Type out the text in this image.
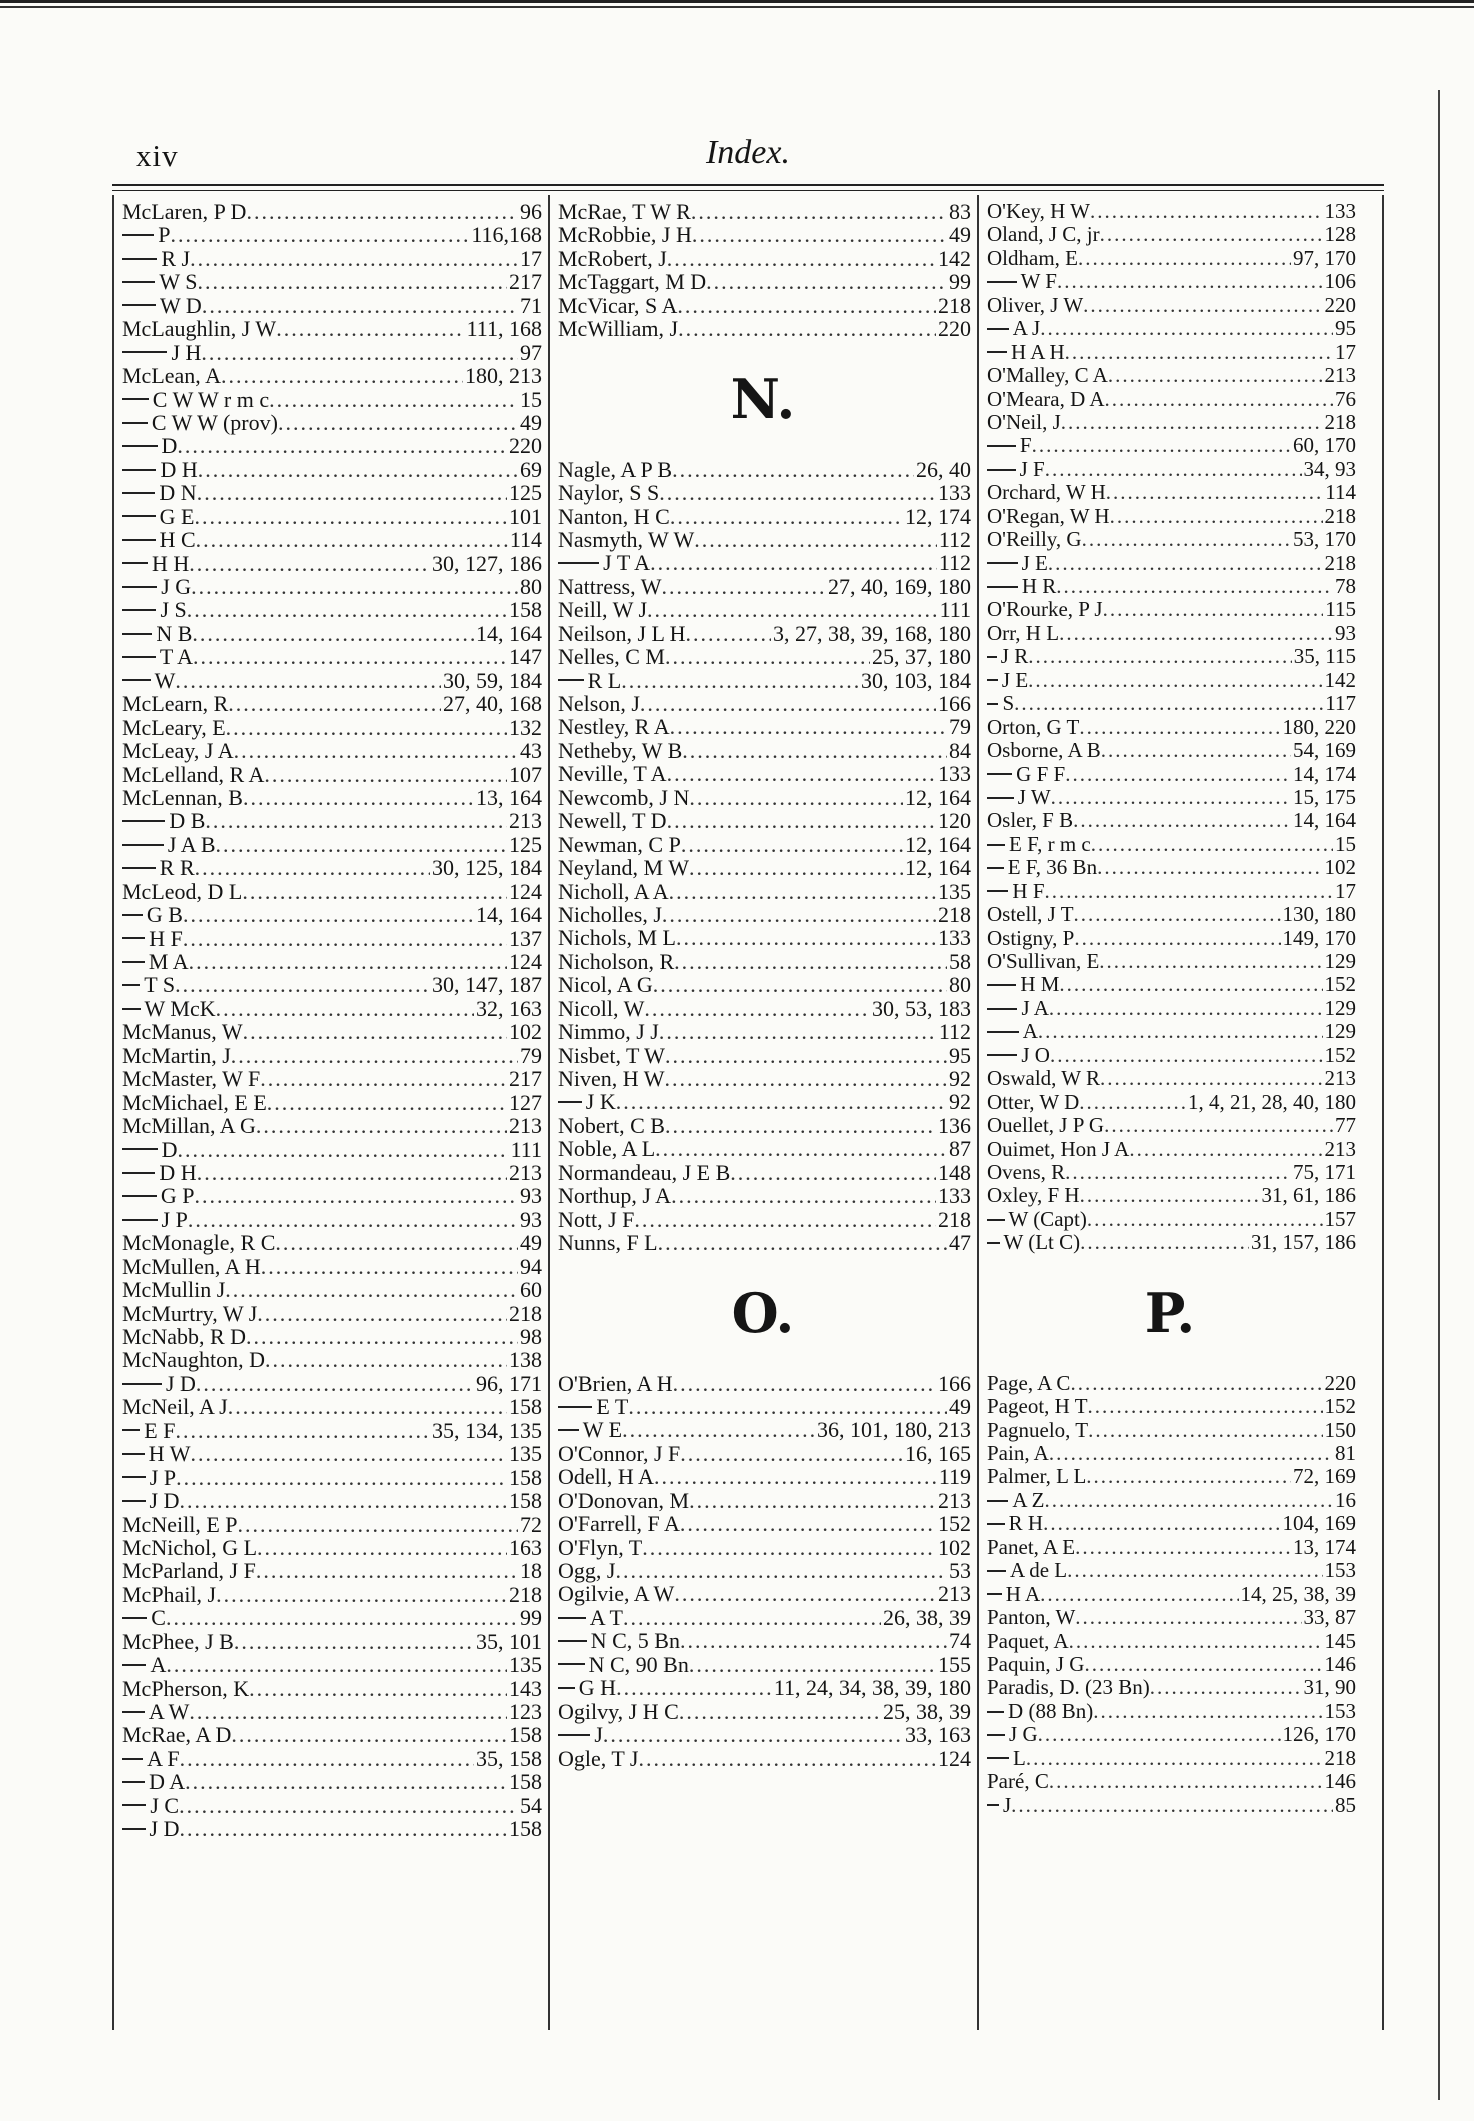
xiv	Index.
McLaren, P D .....	96
P .....	116,168
R J .....	17
W S .....	217
W D .....	71
McLaughlin, J W .....	111, 168
J H .....	97
McLean, A .....	180, 213
C W W r m c .....	15
C W W (prov) .....	49
D .....	220
D H .....	69
D N .....	125
G E .....	101
H C .....	114
H H .....	30, 127, 186
J G .....	80
J S .....	158
N B .....	14, 164
T A .....	147
W .....	30, 59, 184
McLearn, R .....	27, 40, 168
McLeary, E .....	132
McLeay, J A .....	43
McLelland, R A .....	107
McLennan, B .....	13, 164
D B .....	213
J A B .....	125
R R .....	30, 125, 184
McLeod, D L .....	124
G B .....	14, 164
H F .....	137
M A .....	124
T S .....	30, 147, 187
W McK .....	32, 163
McManus, W .....	102
McMartin, J .....	79
McMaster, W F .....	217
McMichael, E E .....	127
McMillan, A G .....	213
D .....	111
D H .....	213
G P .....	93
J P .....	93
McMonagle, R C .....	49
McMullen, A H .....	94
McMullin J .....	60
McMurtry, W J .....	218
McNabb, R D .....	98
McNaughton, D .....	138
J D .....	96, 171
McNeil, A J .....	158
E F .....	35, 134, 135
H W .....	135
J P .....	158
J D .....	158
McNeill, E P .....	72
McNichol, G L .....	163
McParland, J F .....	18
McPhail, J .....	218
C .....	99
McPhee, J B .....	35, 101
A .....	135
McPherson, K .....	143
A W .....	123
McRae, A D .....	158
A F .....	35, 158
D A .....	158
J C .....	54
J D .....	158
McRae, T W R .....	83
McRobbie, J H .....	49
McRobert, J .....	142
McTaggart, M D .....	99
McVicar, S A .....	218
McWilliam, J .....	220
N.
Nagle, A P B .....	26, 40
Naylor, S S .....	133
Nanton, H C .....	12, 174
Nasmyth, W W .....	112
J T A .....	112
Nattress, W .....	27, 40, 169, 180
Neill, W J .....	111
Neilson, J L H .....	3, 27, 38, 39, 168, 180
Nelles, C M .....	25, 37, 180
R L .....	30, 103, 184
Nelson, J .....	166
Nestley, R A .....	79
Netheby, W B .....	84
Neville, T A .....	133
Newcomb, J N .....	12, 164
Newell, T D .....	120
Newman, C P .....	12, 164
Neyland, M W .....	12, 164
Nicholl, A A .....	135
Nicholles, J .....	218
Nichols, M L .....	133
Nicholson, R .....	58
Nicol, A G .....	80
Nicoll, W .....	30, 53, 183
Nimmo, J J .....	112
Nisbet, T W .....	95
Niven, H W .....	92
J K .....	92
Nobert, C B .....	136
Noble, A L .....	87
Normandeau, J E B .....	148
Northup, J A .....	133
Nott, J F .....	218
Nunns, F L .....	47
O.
O'Brien, A H .....	166
E T .....	49
W E .....	36, 101, 180, 213
O'Connor, J F .....	16, 165
Odell, H A .....	119
O'Donovan, M .....	213
O'Farrell, F A .....	152
O'Flyn, T .....	102
Ogg, J .....	53
Ogilvie, A W .....	213
A T .....	26, 38, 39
N C, 5 Bn .....	74
N C, 90 Bn .....	155
G H .....	11, 24, 34, 38, 39, 180
Ogilvy, J H C .....	25, 38, 39
J .....	33, 163
Ogle, T J .....	124
O'Key, H W .....	133
Oland, J C, jr .....	128
Oldham, E .....	97, 170
W F .....	106
Oliver, J W .....	220
A J .....	95
H A H .....	17
O'Malley, C A .....	213
O'Meara, D A .....	76
O'Neil, J .....	218
F .....	60, 170
J F .....	34, 93
Orchard, W H .....	114
O'Regan, W H .....	218
O'Reilly, G .....	53, 170
J E .....	218
H R .....	78
O'Rourke, P J .....	115
Orr, H L .....	93
J R .....	35, 115
J E .....	142
S .....	117
Orton, G T .....	180, 220
Osborne, A B .....	54, 169
G F F .....	14, 174
J W .....	15, 175
Osler, F B .....	14, 164
E F, r m c .....	15
E F, 36 Bn .....	102
H F .....	17
Ostell, J T .....	130, 180
Ostigny, P .....	149, 170
O'Sullivan, E .....	129
H M .....	152
J A .....	129
A .....	129
J O .....	152
Oswald, W R .....	213
Otter, W D .....	1, 4, 21, 28, 40, 180
Ouellet, J P G .....	77
Ouimet, Hon J A .....	213
Ovens, R .....	75, 171
Oxley, F H .....	31, 61, 186
W (Capt) .....	157
W (Lt C) .....	31, 157, 186
P.
Page, A C .....	220
Pageot, H T .....	152
Pagnuelo, T .....	150
Pain, A .....	81
Palmer, L L .....	72, 169
A Z .....	16
R H .....	104, 169
Panet, A E .....	13, 174
A de L .....	153
H A .....	14, 25, 38, 39
Panton, W .....	33, 87
Paquet, A .....	145
Paquin, J G .....	146
Paradis, D. (23 Bn) .....	31, 90
D (88 Bn) .....	153
J G .....	126, 170
L .....	218
Paré, C .....	146
J .....	85
